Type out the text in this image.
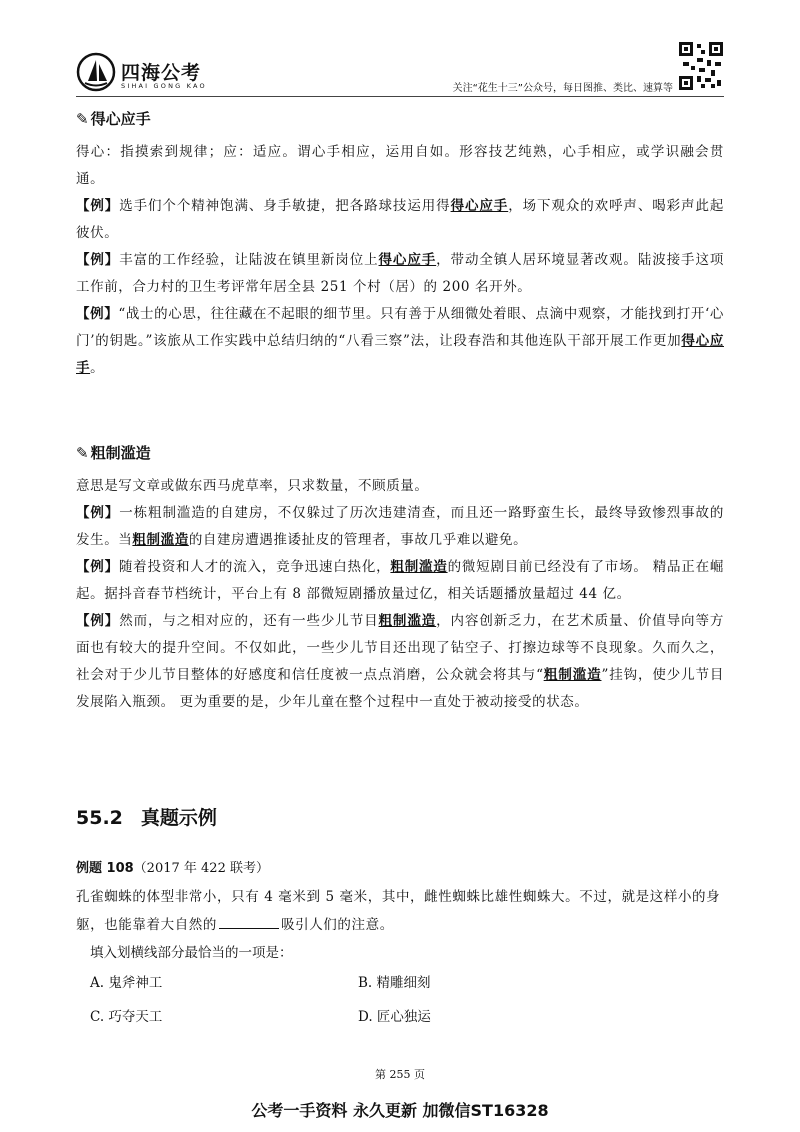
四海公考
SIHAI GONG KAO	关注“花生十三”公众号，每日图推、类比、速算等
✎ 得心应手
得心：指摸索到规律；应：适应。谓心手相应，运用自如。形容技艺纯熟，心手相应，或学识融会贯通。
【例】选手们个个精神饱满、身手敏捷，把各路球技运用得得心应手，场下观众的欢呼声、喝彩声此起彼伏。
【例】丰富的工作经验，让陆波在镇里新岗位上得心应手，带动全镇人居环境显著改观。陆波接手这项工作前，合力村的卫生考评常年居全县 251 个村（居）的 200 名开外。
【例】“战士的心思，往往藏在不起眼的细节里。只有善于从细微处着眼、点滴中观察，才能找到打开‘心门’的钥匙。”该旅从工作实践中总结归纳的“八看三察”法，让段春浩和其他连队干部开展工作更加得心应手。
✎ 粗制滥造
意思是写文章或做东西马虎草率，只求数量，不顾质量。
【例】一栋粗制滥造的自建房，不仅躲过了历次违建清查，而且还一路野蛮生长，最终导致惨烈事故的发生。当粗制滥造的自建房遭遇推诿扯皮的管理者，事故几乎难以避免。
【例】随着投资和人才的流入，竞争迅速白热化，粗制滥造的微短剧目前已经没有了市场。 精品正在崛起。据抖音春节档统计，平台上有 8 部微短剧播放量过亿，相关话题播放量超过 44 亿。
【例】然而，与之相对应的，还有一些少儿节目粗制滥造，内容创新乏力，在艺术质量、价值导向等方面也有较大的提升空间。不仅如此，一些少儿节目还出现了钻空子、打擦边球等不良现象。久而久之，社会对于少儿节目整体的好感度和信任度被一点点消磨，公众就会将其与“粗制滥造”挂钩，使少儿节目发展陷入瓶颈。 更为重要的是，少年儿童在整个过程中一直处于被动接受的状态。
55.2 真题示例
例题 108（2017 年 422 联考）
孔雀蜘蛛的体型非常小，只有 4 毫米到 5 毫米，其中，雌性蜘蛛比雄性蜘蛛大。不过，就是这样小的身躯，也能靠着大自然的	吸引人们的注意。
填入划横线部分最恰当的一项是：
A. 鬼斧神工	B. 精雕细刻
C. 巧夺天工	D. 匠心独运
第 255 页
公考一手资料 永久更新 加微信ST16328
